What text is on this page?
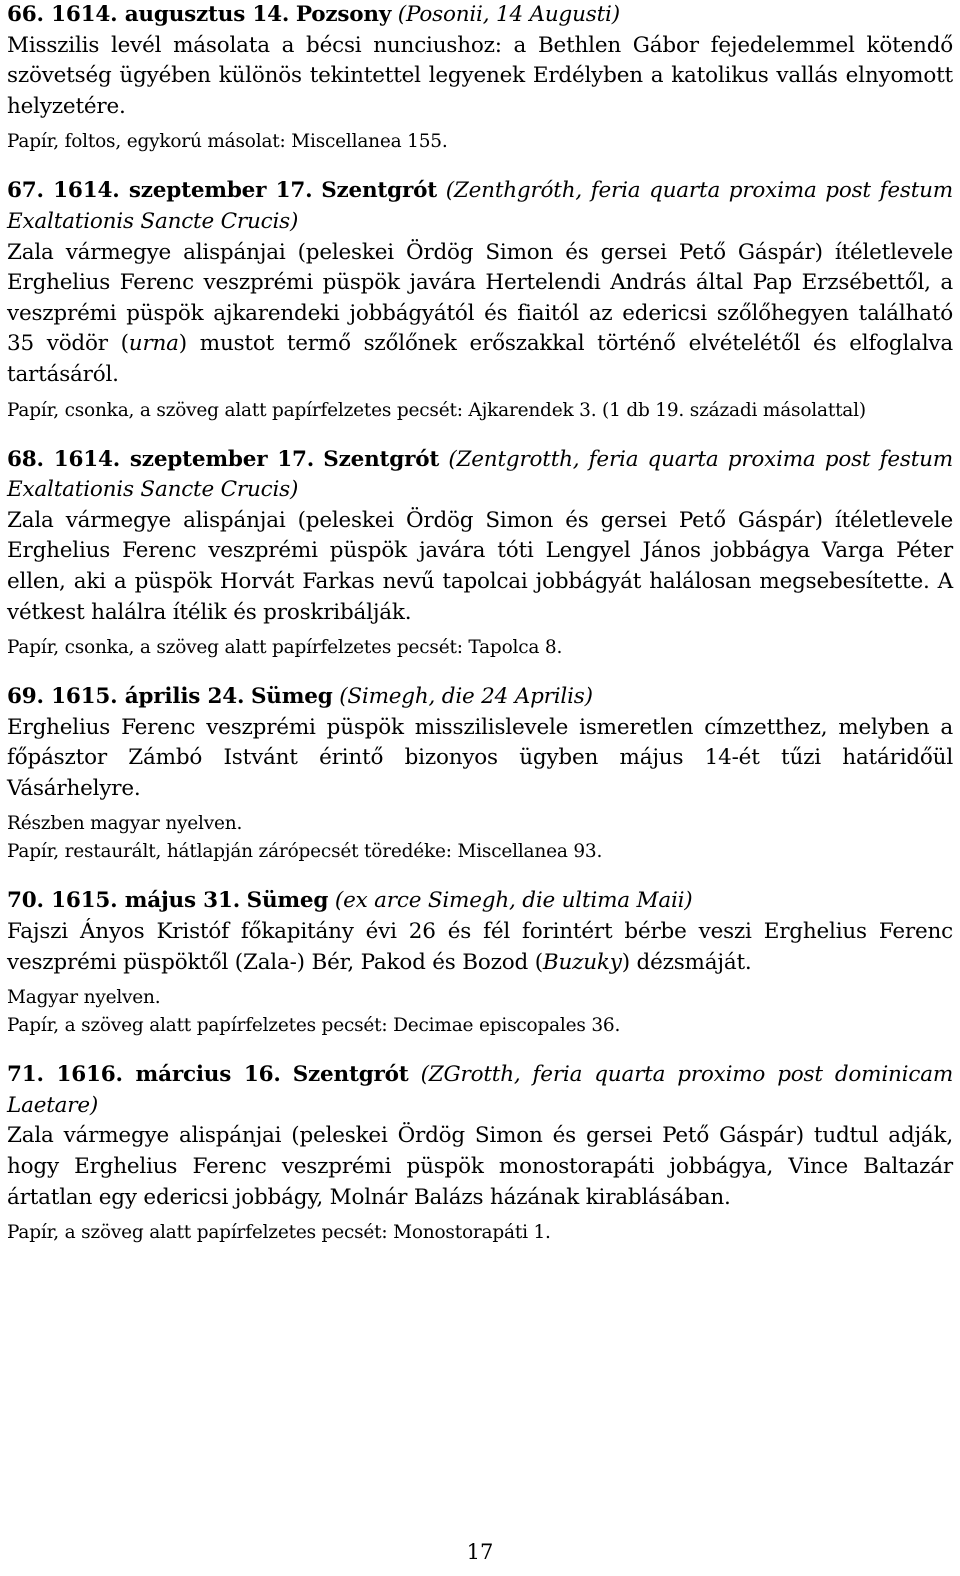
66. 1614. augusztus 14. Pozsony (Posonii, 14 Augusti)
Misszilis levél másolata a bécsi nunciushoz: a Bethlen Gábor fejedelemmel kötendő szövetség ügyében különös tekintettel legyenek Erdélyben a katolikus vallás elnyomott helyzetére.
Papír, foltos, egykorú másolat: Miscellanea 155.
67. 1614. szeptember 17. Szentgrót (Zenthgróth, feria quarta proxima post festum Exaltationis Sancte Crucis)
Zala vármegye alispánjai (peleskei Ördög Simon és gersei Pető Gáspár) ítéletlevele Erghelius Ferenc veszprémi püspök javára Hertelendi András által Pap Erzsébettől, a veszprémi püspök ajkarendeki jobbágyától és fiaitól az edericsi szőlőhegyen található 35 vödör (urna) mustot termő szőlőnek erőszakkal történő elvételétől és elfoglalva tartásáról.
Papír, csonka, a szöveg alatt papírfelzetes pecsét: Ajkarendek 3. (1 db 19. századi másolattal)
68. 1614. szeptember 17. Szentgrót (Zentgrotth, feria quarta proxima post festum Exaltationis Sancte Crucis)
Zala vármegye alispánjai (peleskei Ördög Simon és gersei Pető Gáspár) ítéletlevele Erghelius Ferenc veszprémi püspök javára tóti Lengyel János jobbágya Varga Péter ellen, aki a püspök Horvát Farkas nevű tapolcai jobbágyát halálosan megsebesítette. A vétkest halálra ítélik és proskribálják.
Papír, csonka, a szöveg alatt papírfelzetes pecsét: Tapolca 8.
69. 1615. április 24. Sümeg (Simegh, die 24 Aprilis)
Erghelius Ferenc veszprémi püspök misszilislevele ismeretlen címzetthez, melyben a főpásztor Zámbó Istvánt érintő bizonyos ügyben május 14-ét tűzi határidőül Vásárhelyre.
Részben magyar nyelven.
Papír, restaurált, hátlapján zárópecsét töredéke: Miscellanea 93.
70. 1615. május 31. Sümeg (ex arce Simegh, die ultima Maii)
Fajszi Ányos Kristóf főkapitány évi 26 és fél forintért bérbe veszi Erghelius Ferenc veszprémi püspöktől (Zala-) Bér, Pakod és Bozod (Buzuky) dézsmáját.
Magyar nyelven.
Papír, a szöveg alatt papírfelzetes pecsét: Decimae episcopales 36.
71. 1616. március 16. Szentgrót (ZGrotth, feria quarta proximo post dominicam Laetare)
Zala vármegye alispánjai (peleskei Ördög Simon és gersei Pető Gáspár) tudtul adják, hogy Erghelius Ferenc veszprémi püspök monostorapáti jobbágya, Vince Baltazár ártatlan egy edericsi jobbágy, Molnár Balázs házának kirablásában.
Papír, a szöveg alatt papírfelzetes pecsét: Monostorapáti 1.
17
